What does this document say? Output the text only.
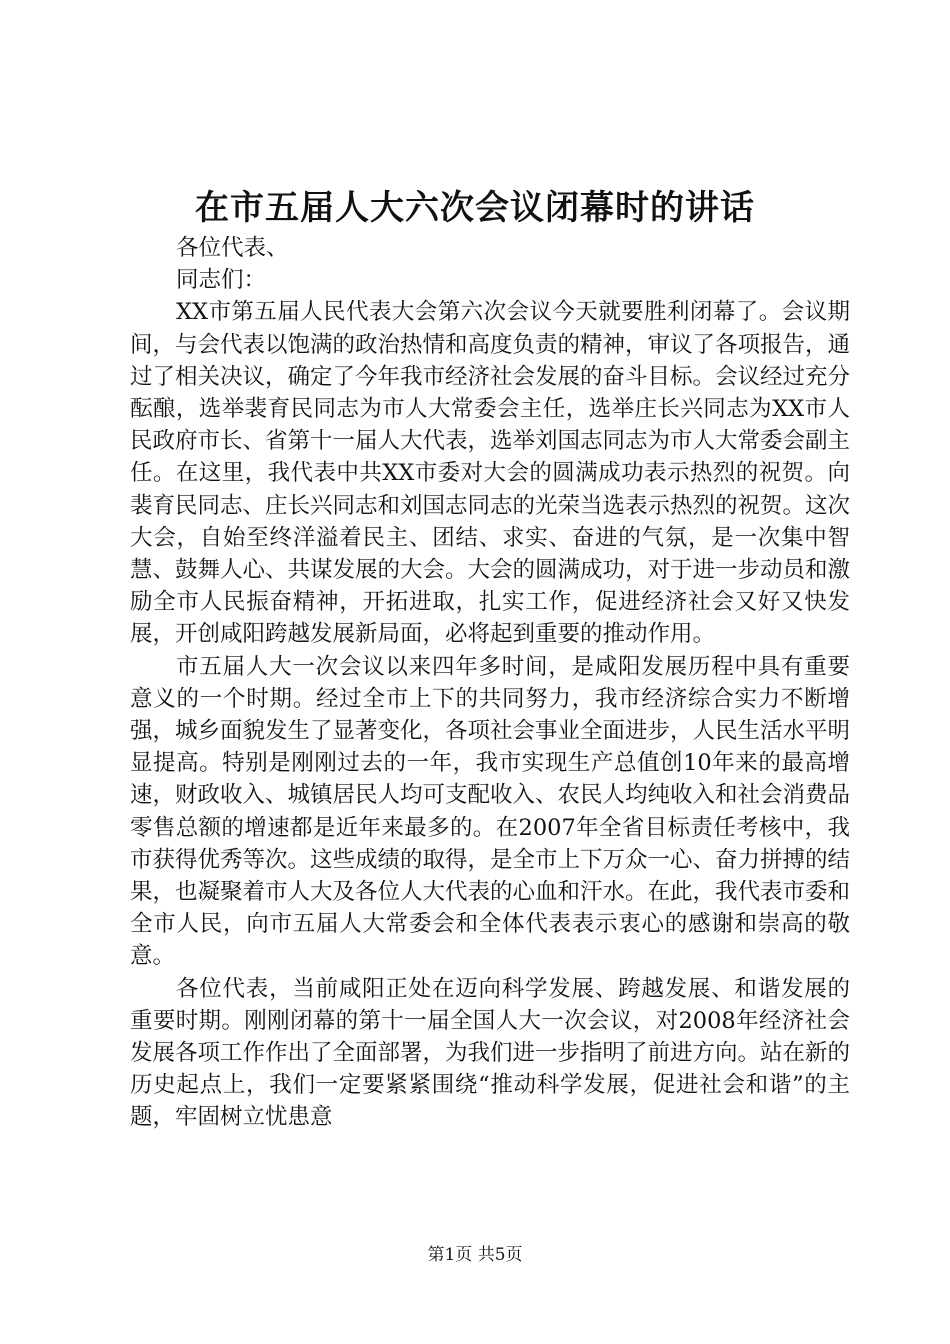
在市五届人大六次会议闭幕时的讲话

各位代表、

同志们：

XX市第五届人民代表大会第六次会议今天就要胜利闭幕了。会议期间，与会代表以饱满的政治热情和高度负责的精神，审议了各项报告，通过了相关决议，确定了今年我市经济社会发展的奋斗目标。会议经过充分酝酿，选举裴育民同志为市人大常委会主任，选举庄长兴同志为XX市人民政府市长、省第十一届人大代表，选举刘国志同志为市人大常委会副主任。在这里，我代表中共XX市委对大会的圆满成功表示热烈的祝贺。向裴育民同志、庄长兴同志和刘国志同志的光荣当选表示热烈的祝贺。这次大会，自始至终洋溢着民主、团结、求实、奋进的气氛，是一次集中智慧、鼓舞人心、共谋发展的大会。大会的圆满成功，对于进一步动员和激励全市人民振奋精神，开拓进取，扎实工作，促进经济社会又好又快发展，开创咸阳跨越发展新局面，必将起到重要的推动作用。

市五届人大一次会议以来四年多时间，是咸阳发展历程中具有重要意义的一个时期。经过全市上下的共同努力，我市经济综合实力不断增强，城乡面貌发生了显著变化，各项社会事业全面进步，人民生活水平明显提高。特别是刚刚过去的一年，我市实现生产总值创10年来的最高增速，财政收入、城镇居民人均可支配收入、农民人均纯收入和社会消费品零售总额的增速都是近年来最多的。在2007年全省目标责任考核中，我市获得优秀等次。这些成绩的取得，是全市上下万众一心、奋力拼搏的结果，也凝聚着市人大及各位人大代表的心血和汗水。在此，我代表市委和全市人民，向市五届人大常委会和全体代表表示衷心的感谢和崇高的敬意。

各位代表，当前咸阳正处在迈向科学发展、跨越发展、和谐发展的重要时期。刚刚闭幕的第十一届全国人大一次会议，对2008年经济社会发展各项工作作出了全面部署，为我们进一步指明了前进方向。站在新的历史起点上，我们一定要紧紧围绕“推动科学发展，促进社会和谐”的主题，牢固树立忧患意

第1页 共5页
